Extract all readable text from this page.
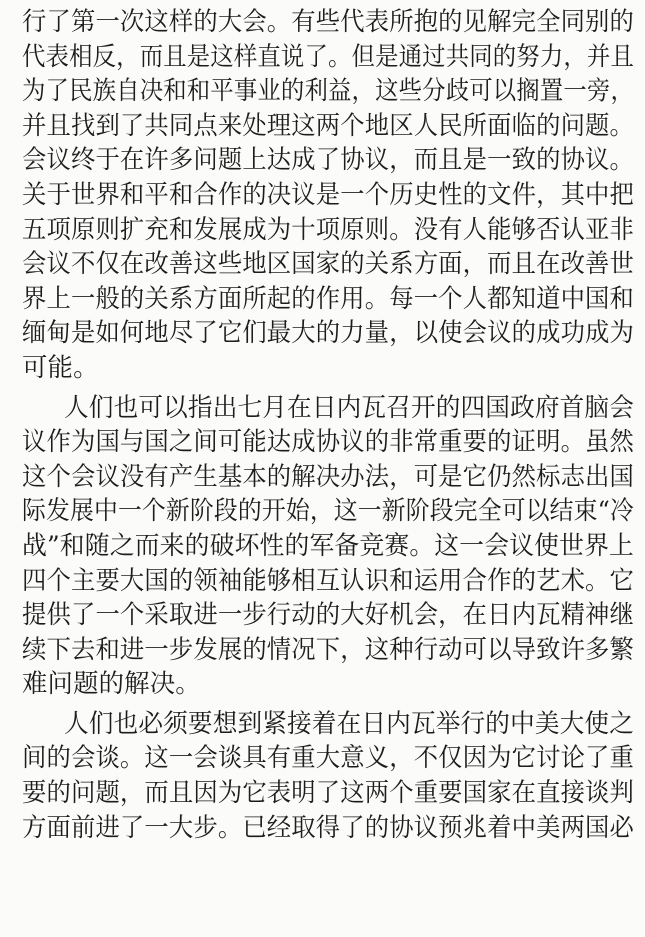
行了第一次这样的大会。有些代表所抱的见解完全同别的
代表相反，而且是这样直说了。但是通过共同的努力，并且
为了民族自决和和平事业的利益，这些分歧可以搁置一旁，
并且找到了共同点来处理这两个地区人民所面临的问题。
会议终于在许多问题上达成了协议，而且是一致的协议。
关于世界和平和合作的决议是一个历史性的文件，其中把
五项原则扩充和发展成为十项原则。没有人能够否认亚非
会议不仅在改善这些地区国家的关系方面，而且在改善世
界上一般的关系方面所起的作用。每一个人都知道中国和
缅甸是如何地尽了它们最大的力量，以使会议的成功成为
可能。
人们也可以指出七月在日内瓦召开的四国政府首脑会
议作为国与国之间可能达成协议的非常重要的证明。虽然
这个会议没有产生基本的解决办法，可是它仍然标志出国
际发展中一个新阶段的开始，这一新阶段完全可以结束“冷
战”和随之而来的破坏性的军备竞赛。这一会议使世界上
四个主要大国的领袖能够相互认识和运用合作的艺术。它
提供了一个采取进一步行动的大好机会，在日内瓦精神继
续下去和进一步发展的情况下，这种行动可以导致许多繁
难问题的解决。
人们也必须要想到紧接着在日内瓦举行的中美大使之
间的会谈。这一会谈具有重大意义，不仅因为它讨论了重
要的问题，而且因为它表明了这两个重要国家在直接谈判
方面前进了一大步。已经取得了的协议预兆着中美两国必
